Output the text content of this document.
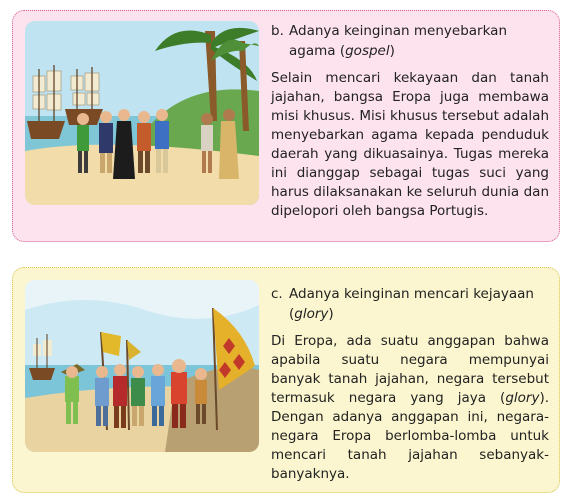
b. Adanya keinginan menyebarkan agama (gospel)

Selain mencari kekayaan dan tanah jajahan, bangsa Eropa juga membawa misi khusus. Misi khusus tersebut adalah menyebarkan agama kepada penduduk daerah yang dikuasainya. Tugas mereka ini dianggap sebagai tugas suci yang harus dilaksanakan ke seluruh dunia dan dipelopori oleh bangsa Portugis.

c. Adanya keinginan mencari kejayaan (glory)

Di Eropa, ada suatu anggapan bahwa apabila suatu negara mempunyai banyak tanah jajahan, negara tersebut termasuk negara yang jaya (glory). Dengan adanya anggapan ini, negara-negara Eropa berlomba-lomba untuk mencari tanah jajahan sebanyak-banyaknya.
